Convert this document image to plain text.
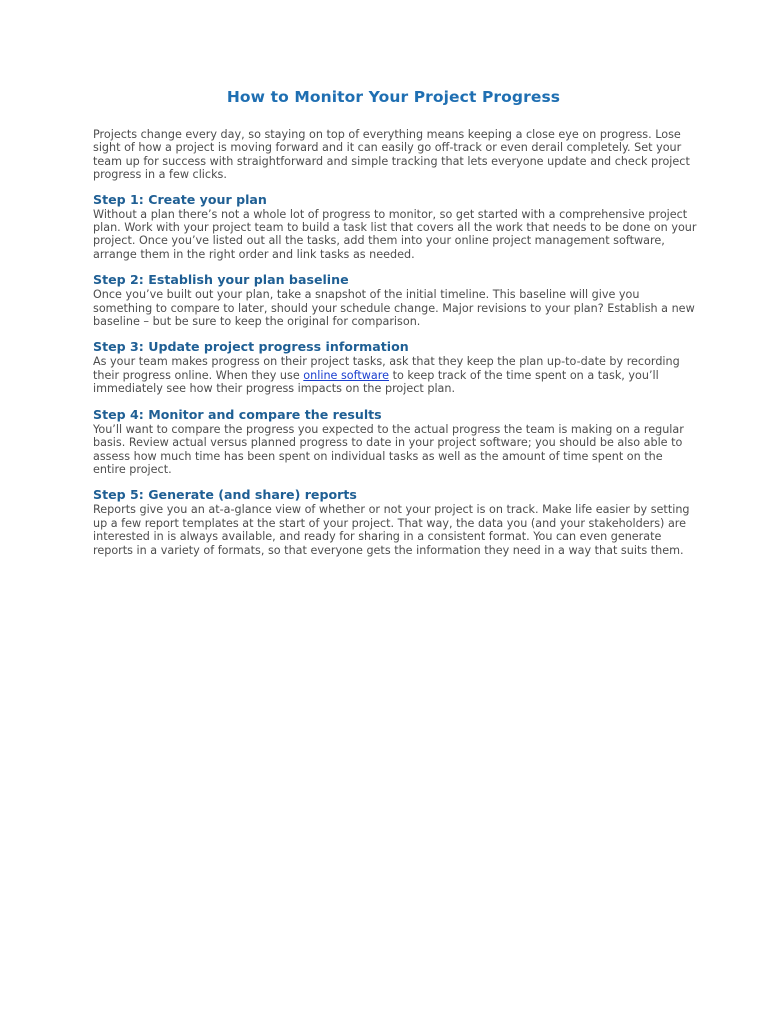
How to Monitor Your Project Progress

Projects change every day, so staying on top of everything means keeping a close eye on progress. Lose sight of how a project is moving forward and it can easily go off-track or even derail completely. Set your team up for success with straightforward and simple tracking that lets everyone update and check project progress in a few clicks.

Step 1: Create your plan

Without a plan there’s not a whole lot of progress to monitor, so get started with a comprehensive project plan. Work with your project team to build a task list that covers all the work that needs to be done on your project. Once you’ve listed out all the tasks, add them into your online project management software, arrange them in the right order and link tasks as needed.

Step 2: Establish your plan baseline

Once you’ve built out your plan, take a snapshot of the initial timeline. This baseline will give you something to compare to later, should your schedule change. Major revisions to your plan? Establish a new baseline – but be sure to keep the original for comparison.

Step 3: Update project progress information

As your team makes progress on their project tasks, ask that they keep the plan up-to-date by recording their progress online. When they use online software to keep track of the time spent on a task, you’ll immediately see how their progress impacts on the project plan.

Step 4: Monitor and compare the results

You’ll want to compare the progress you expected to the actual progress the team is making on a regular basis. Review actual versus planned progress to date in your project software; you should be also able to assess how much time has been spent on individual tasks as well as the amount of time spent on the entire project.

Step 5: Generate (and share) reports

Reports give you an at-a-glance view of whether or not your project is on track. Make life easier by setting up a few report templates at the start of your project. That way, the data you (and your stakeholders) are interested in is always available, and ready for sharing in a consistent format. You can even generate reports in a variety of formats, so that everyone gets the information they need in a way that suits them.
